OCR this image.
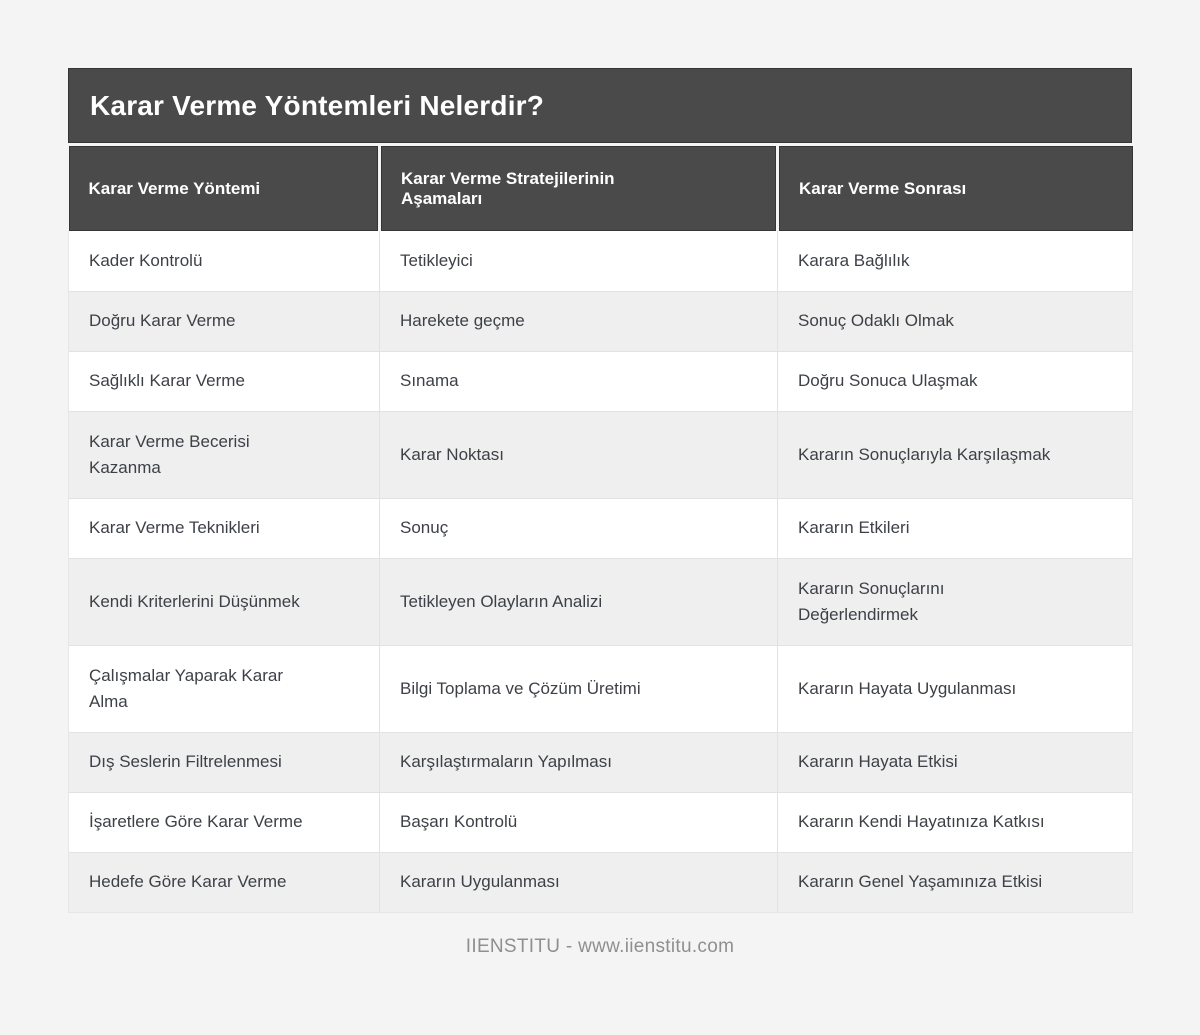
Karar Verme Yöntemleri Nelerdir?
Karar Verme Yöntemi	Karar Verme Stratejilerinin Aşamaları	Karar Verme Sonrası
Kader Kontrolü	Tetikleyici	Karara Bağlılık
Doğru Karar Verme	Harekete geçme	Sonuç Odaklı Olmak
Sağlıklı Karar Verme	Sınama	Doğru Sonuca Ulaşmak

Karar Verme Becerisi Kazanma	Karar Noktası	Kararın Sonuçlarıyla Karşılaşmak
Karar Verme Teknikleri	Sonuç	Kararın Etkileri
Kendi Kriterlerini Düşünmek	Tetikleyen Olayların Analizi	Kararın Sonuçlarını Değerlendirmek

Çalışmalar Yaparak Karar Alma	Bilgi Toplama ve Çözüm Üretimi	Kararın Hayata Uygulanması
Dış Seslerin Filtrelenmesi	Karşılaştırmaların Yapılması	Kararın Hayata Etkisi
İşaretlere Göre Karar Verme	Başarı Kontrolü	Kararın Kendi Hayatınıza Katkısı
Hedefe Göre Karar Verme	Kararın Uygulanması	Kararın Genel Yaşamınıza Etkisi
IIENSTITU - www.iienstitu.com
